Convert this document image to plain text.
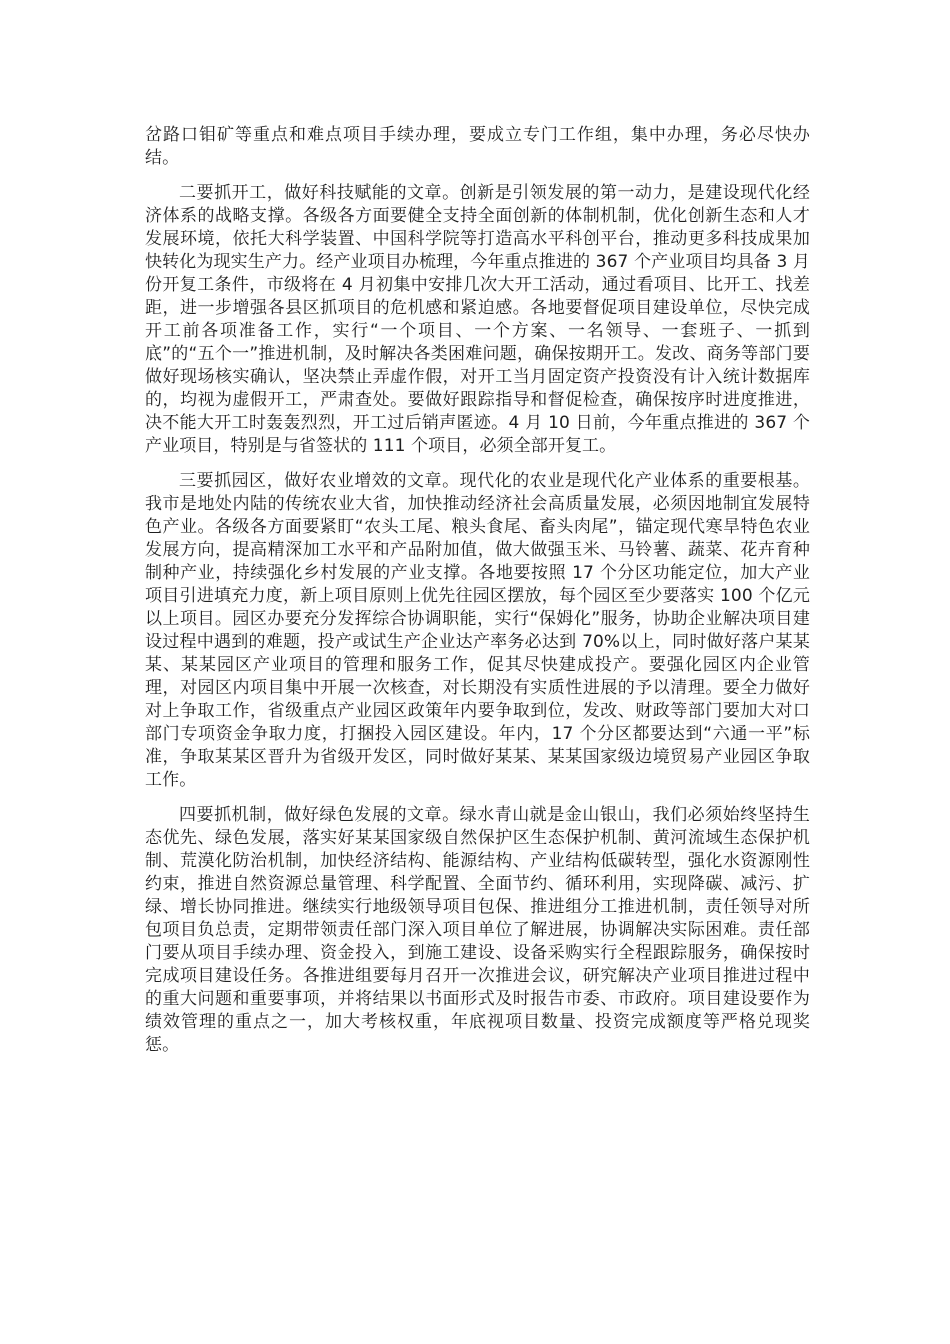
岔路口钼矿等重点和难点项目手续办理，要成立专门工作组，集中办理，务必尽快办结。

二要抓开工，做好科技赋能的文章。创新是引领发展的第一动力，是建设现代化经济体系的战略支撑。各级各方面要健全支持全面创新的体制机制，优化创新生态和人才发展环境，依托大科学装置、中国科学院等打造高水平科创平台，推动更多科技成果加快转化为现实生产力。经产业项目办梳理，今年重点推进的 367 个产业项目均具备 3 月份开复工条件，市级将在 4 月初集中安排几次大开工活动，通过看项目、比开工、找差距，进一步增强各县区抓项目的危机感和紧迫感。各地要督促项目建设单位，尽快完成开工前各项准备工作，实行“一个项目、一个方案、一名领导、一套班子、一抓到底”的“五个一”推进机制，及时解决各类困难问题，确保按期开工。发改、商务等部门要做好现场核实确认，坚决禁止弄虚作假，对开工当月固定资产投资没有计入统计数据库的，均视为虚假开工，严肃查处。要做好跟踪指导和督促检查，确保按序时进度推进，决不能大开工时轰轰烈烈，开工过后销声匿迹。4 月 10 日前，今年重点推进的 367 个产业项目，特别是与省签状的 111 个项目，必须全部开复工。

三要抓园区，做好农业增效的文章。现代化的农业是现代化产业体系的重要根基。我市是地处内陆的传统农业大省，加快推动经济社会高质量发展，必须因地制宜发展特色产业。各级各方面要紧盯“农头工尾、粮头食尾、畜头肉尾”，锚定现代寒旱特色农业发展方向，提高精深加工水平和产品附加值，做大做强玉米、马铃薯、蔬菜、花卉育种制种产业，持续强化乡村发展的产业支撑。各地要按照 17 个分区功能定位，加大产业项目引进填充力度，新上项目原则上优先往园区摆放，每个园区至少要落实 100 个亿元以上项目。园区办要充分发挥综合协调职能，实行“保姆化”服务，协助企业解决项目建设过程中遇到的难题，投产或试生产企业达产率务必达到 70%以上，同时做好落户某某某、某某园区产业项目的管理和服务工作，促其尽快建成投产。要强化园区内企业管理，对园区内项目集中开展一次核查，对长期没有实质性进展的予以清理。要全力做好对上争取工作，省级重点产业园区政策年内要争取到位，发改、财政等部门要加大对口部门专项资金争取力度，打捆投入园区建设。年内，17 个分区都要达到“六通一平”标准，争取某某区晋升为省级开发区，同时做好某某、某某国家级边境贸易产业园区争取工作。

四要抓机制，做好绿色发展的文章。绿水青山就是金山银山，我们必须始终坚持生态优先、绿色发展，落实好某某国家级自然保护区生态保护机制、黄河流域生态保护机制、荒漠化防治机制，加快经济结构、能源结构、产业结构低碳转型，强化水资源刚性约束，推进自然资源总量管理、科学配置、全面节约、循环利用，实现降碳、减污、扩绿、增长协同推进。继续实行地级领导项目包保、推进组分工推进机制，责任领导对所包项目负总责，定期带领责任部门深入项目单位了解进展，协调解决实际困难。责任部门要从项目手续办理、资金投入，到施工建设、设备采购实行全程跟踪服务，确保按时完成项目建设任务。各推进组要每月召开一次推进会议，研究解决产业项目推进过程中的重大问题和重要事项，并将结果以书面形式及时报告市委、市政府。项目建设要作为绩效管理的重点之一，加大考核权重，年底视项目数量、投资完成额度等严格兑现奖惩。
